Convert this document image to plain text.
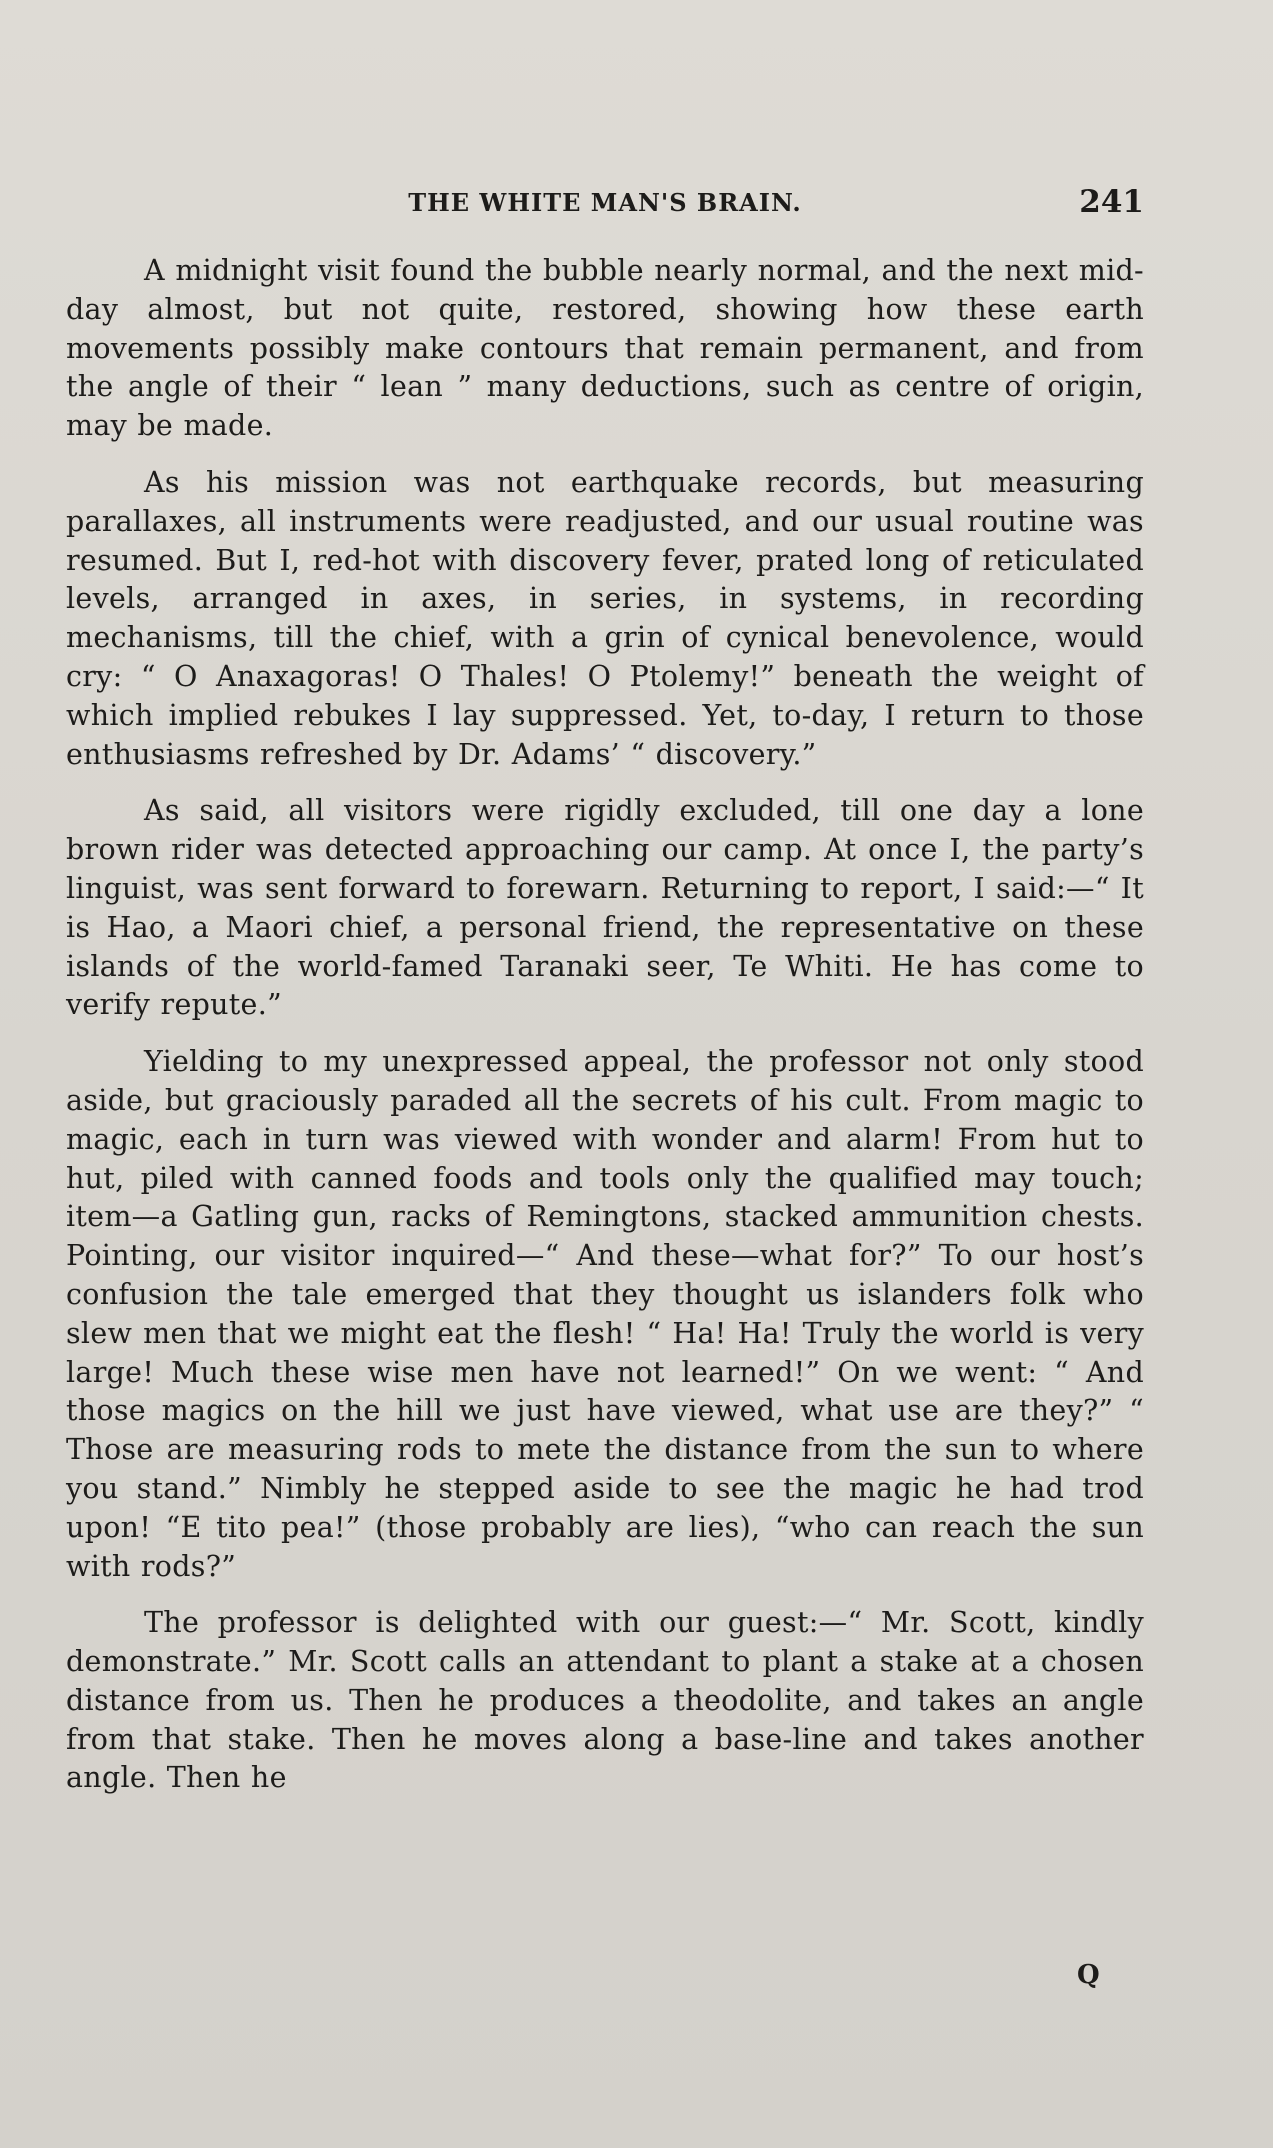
THE WHITE MAN'S BRAIN.	241

A midnight visit found the bubble nearly normal, and the next mid-day almost, but not quite, restored, showing how these earth movements possibly make contours that remain permanent, and from the angle of their “ lean ” many deductions, such as centre of origin, may be made.

As his mission was not earthquake records, but measuring parallaxes, all instruments were readjusted, and our usual routine was resumed. But I, red-hot with discovery fever, prated long of reticulated levels, arranged in axes, in series, in systems, in recording mechanisms, till the chief, with a grin of cynical benevolence, would cry: “ O Anaxagoras! O Thales! O Ptolemy!” beneath the weight of which implied rebukes I lay suppressed. Yet, to-day, I return to those enthusiasms refreshed by Dr. Adams’ “ discovery.”

As said, all visitors were rigidly excluded, till one day a lone brown rider was detected approaching our camp. At once I, the party’s linguist, was sent forward to forewarn. Returning to report, I said:—“ It is Hao, a Maori chief, a personal friend, the representative on these islands of the world-famed Taranaki seer, Te Whiti. He has come to verify repute.”

Yielding to my unexpressed appeal, the professor not only stood aside, but graciously paraded all the secrets of his cult. From magic to magic, each in turn was viewed with wonder and alarm! From hut to hut, piled with canned foods and tools only the qualified may touch; item—a Gatling gun, racks of Remingtons, stacked ammunition chests. Pointing, our visitor inquired—“ And these—what for?” To our host’s confusion the tale emerged that they thought us islanders folk who slew men that we might eat the flesh! “ Ha! Ha! Truly the world is very large! Much these wise men have not learned!” On we went: “ And those magics on the hill we just have viewed, what use are they?” “ Those are measuring rods to mete the distance from the sun to where you stand.” Nimbly he stepped aside to see the magic he had trod upon! “E tito pea!” (those probably are lies), “who can reach the sun with rods?”

The professor is delighted with our guest:—“ Mr. Scott, kindly demonstrate.” Mr. Scott calls an attendant to plant a stake at a chosen distance from us. Then he produces a theodolite, and takes an angle from that stake. Then he moves along a base-line and takes another angle. Then he

Q
